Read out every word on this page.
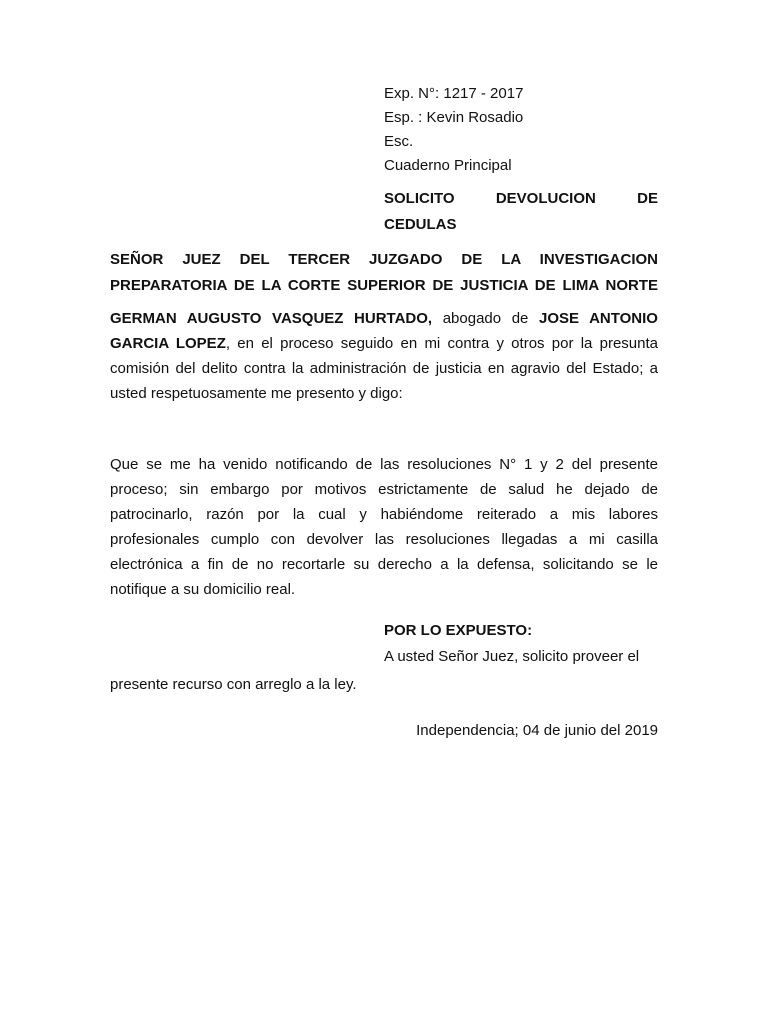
Exp. N°: 1217 - 2017
Esp. : Kevin Rosadio
Esc.
Cuaderno Principal
SOLICITO	DEVOLUCION	DE
CEDULAS
SEÑOR JUEZ DEL TERCER JUZGADO DE LA INVESTIGACION
PREPARATORIA DE LA CORTE SUPERIOR DE JUSTICIA DE LIMA NORTE
GERMAN AUGUSTO VASQUEZ HURTADO, abogado de JOSE ANTONIO
GARCIA LOPEZ, en el proceso seguido en mi contra y otros por la presunta
comisión del delito contra la administración de justicia en agravio del Estado; a
usted respetuosamente me presento y digo:
Que se me ha venido notificando de las resoluciones N° 1 y 2 del presente
proceso; sin embargo por motivos estrictamente de salud he dejado de
patrocinarlo, razón por la cual y habiéndome reiterado a mis labores
profesionales cumplo con devolver las resoluciones llegadas a mi casilla
electrónica a fin de no recortarle su derecho a la defensa, solicitando se le
notifique a su domicilio real.
POR LO EXPUESTO:
A usted Señor Juez, solicito proveer el
presente recurso con arreglo a la ley.
Independencia; 04 de junio del 2019
